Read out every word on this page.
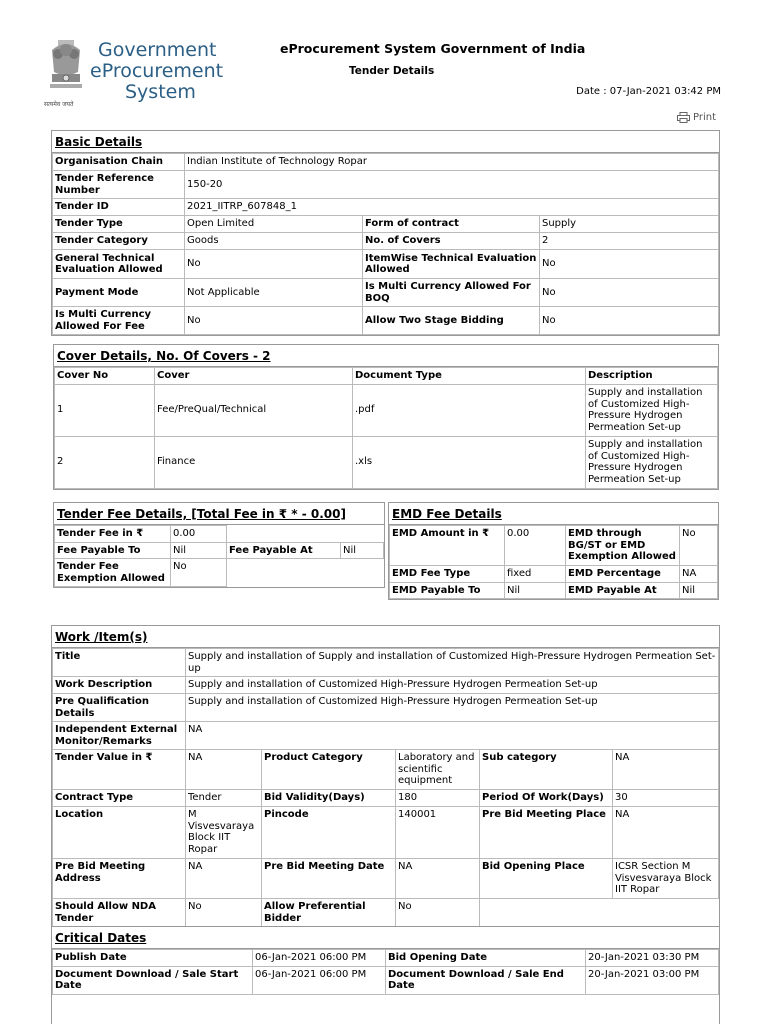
सत्यमेव जयते
Government
eProcurement
System
eProcurement System Government of India
Tender Details
Date : 07-Jan-2021 03:42 PM
Print
Basic Details
Organisation Chain	Indian Institute of Technology Ropar		
Tender Reference Number	150-20		
Tender ID	2021_IITRP_607848_1		
Tender Type	Open Limited	Form of contract	Supply
Tender Category	Goods	No. of Covers	2
General Technical Evaluation Allowed	No	ItemWise Technical Evaluation Allowed	No
Payment Mode	Not Applicable	Is Multi Currency Allowed For BOQ	No
Is Multi Currency Allowed For Fee	No	Allow Two Stage Bidding	No
Cover Details, No. Of Covers - 2
Cover No	Cover	Document Type	Description
1	Fee/PreQual/Technical	.pdf	Supply and installation of Customized High-Pressure Hydrogen Permeation Set-up
2	Finance	.xls	Supply and installation of Customized High-Pressure Hydrogen Permeation Set-up
Tender Fee Details, [Total Fee in ₹ * - 0.00]
Tender Fee in ₹	0.00		
Fee Payable To	Nil	Fee Payable At	Nil
Tender Fee Exemption Allowed	No		
EMD Fee Details
EMD Amount in ₹	0.00	EMD through BG/ST or EMD Exemption Allowed	No
EMD Fee Type	fixed	EMD Percentage	NA
EMD Payable To	Nil	EMD Payable At	Nil
Work /Item(s)
Title	Supply and installation of Supply and installation of Customized High-Pressure Hydrogen Permeation Set-up				
Work Description	Supply and installation of Customized High-Pressure Hydrogen Permeation Set-up				
Pre Qualification Details	Supply and installation of Customized High-Pressure Hydrogen Permeation Set-up				
Independent External Monitor/Remarks	NA				
Tender Value in ₹	NA	Product Category	Laboratory and scientific equipment	Sub category	NA
Contract Type	Tender	Bid Validity(Days)	180	Period Of Work(Days)	30
Location	M Visvesvaraya Block IIT Ropar	Pincode	140001	Pre Bid Meeting Place	NA
Pre Bid Meeting Address	NA	Pre Bid Meeting Date	NA	Bid Opening Place	ICSR Section M Visvesvaraya Block IIT Ropar
Should Allow NDA Tender	No	Allow Preferential Bidder	No		
Critical Dates
Publish Date	06-Jan-2021 06:00 PM	Bid Opening Date	20-Jan-2021 03:30 PM
Document Download / Sale Start Date	06-Jan-2021 06:00 PM	Document Download / Sale End Date	20-Jan-2021 03:00 PM
